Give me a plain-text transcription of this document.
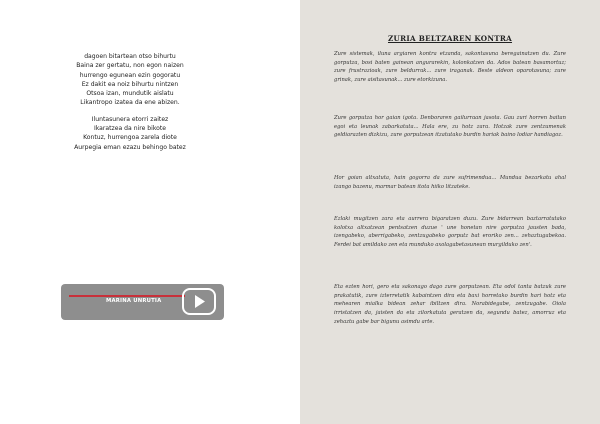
dagoen bitartean otso bihurtu
Baina zer gertatu, non egon naizen
hurrengo egunean ezin gogoratu
Ez dakit ea noiz bihurtu nintzen
Otsoa izan, mundutik aislatu
Likantropo izatea da ene abizen.
Iluntasunera etorri zaitez
Ikaratzea da nire bikote
Kontuz, hurrengoa zarela diote
Aurpegia eman ezazu behingo batez
MARINA UNRUTIA
ZURIA BELTZAREN KONTRA

Zure sistemak, iluna argiaren kontra etzanda, sakontasuna beregainatzen du. Zure gorputza, bosi baten gainean angurarekin, kolonkatzen da. Ados batean basamortuz; zure frustrazioak, zure beldurrak... zure iraganak. Beste aldeon oparotasuna; zure grinak, zure aisitasunak... zure etorkizuna.

Zure gorputza hor gaian igota. Denboraren gailurraan jasota. Gau zuri horren baitan egoi eta leunak zabarkatuta... Hala ere, zu hotz zara. Hotzak zure zentzumenak geldiarazten dizkizu, zure gorputzean itzatutako burdin hariak baino lodiar handiagoz.

Hor goian altxatuta, hain gogorra da zure sufrimendua... Mundua bezarkatu ahal izango bazenu, marmar batean itota hiiko litzateke.

Ezlaki mugitzen zara eta aurrera bigaratzen duzu. Zure bidarrean baztarratutako kolotxa altxatzean pentsatzen duzue ' une honetan nire gorputza jausten bada, izengabeko, aberrigabeko, zentzugabeko gorputz bat eroriko zen... zehaztugabekoa. Ferdei bat amildako zen eta munduko axolagabetasunean murgilduko zen'.

Eta ezten hori, gero eta sakonago dago zure gorputzean. Eta odol tanta batzuk zure prakatutik, zure izterretatik kabaintzen dira eta baxi horretako burdin hari hotz eta mehearen mialka bidean zehar ibiltzen dira. Norabidegabe, zentzugabe. Oiola irristatzen da, jaisten da eta zilorkatuta geratzen da, segundu batez, amorruz eta zehaztu gabe bar bigunu asimdu arte.
